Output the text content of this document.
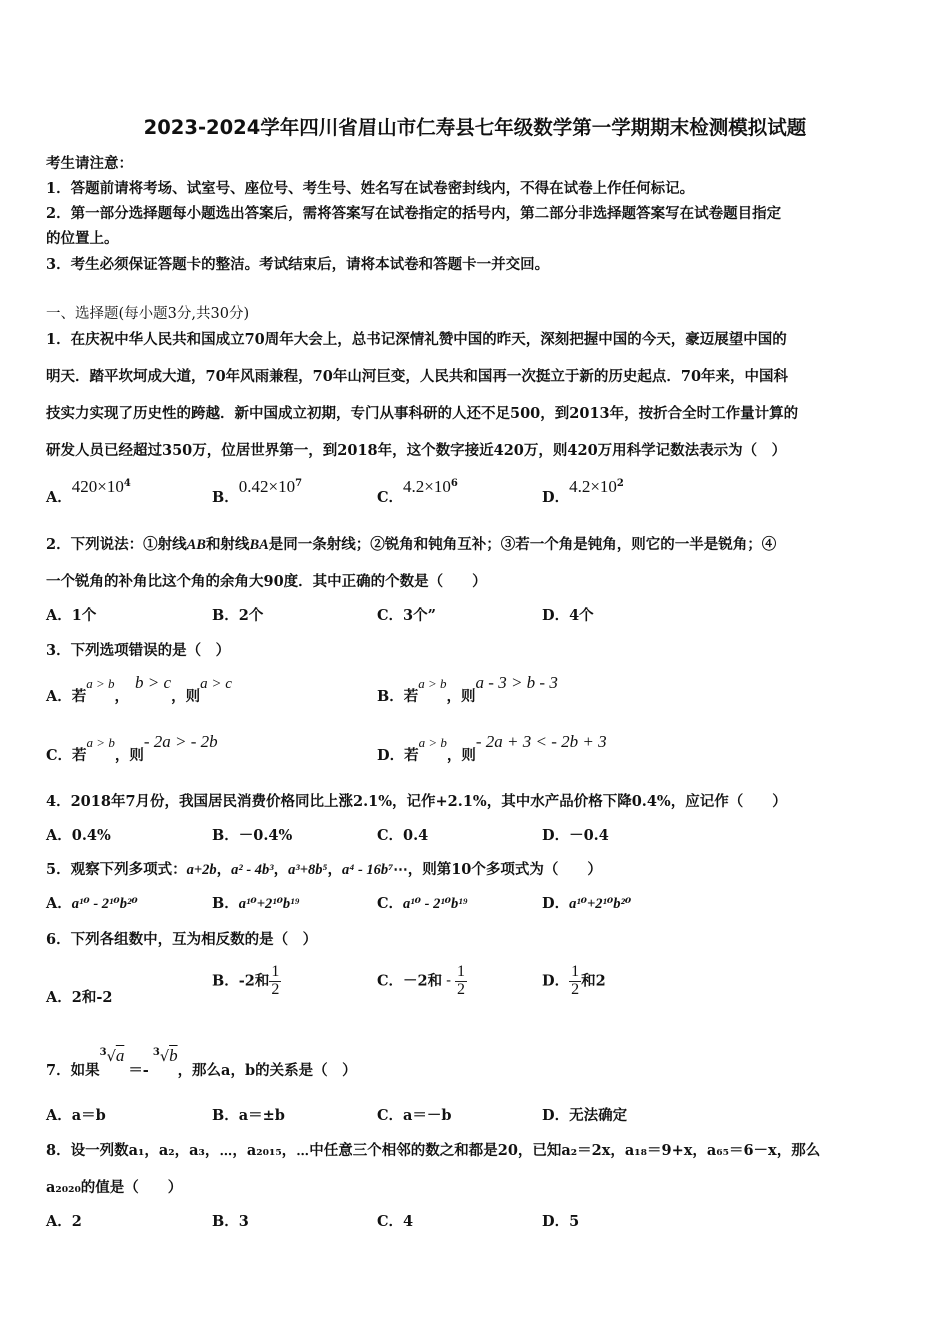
2023-2024学年四川省眉山市仁寿县七年级数学第一学期期末检测模拟试题
考生请注意：
1．答题前请将考场、试室号、座位号、考生号、姓名写在试卷密封线内，不得在试卷上作任何标记。
2．第一部分选择题每小题选出答案后，需将答案写在试卷指定的括号内，第二部分非选择题答案写在试卷题目指定
的位置上。
3．考生必须保证答题卡的整洁。考试结束后，请将本试卷和答题卡一并交回。
一、选择题(每小题3分,共30分)
1．在庆祝中华人民共和国成立70周年大会上，总书记深情礼赞中国的昨天，深刻把握中国的今天，豪迈展望中国的
明天．踏平坎坷成大道，70年风雨兼程，70年山河巨变，人民共和国再一次挺立于新的历史起点．70年来，中国科
技实力实现了历史性的跨越．新中国成立初期，专门从事科研的人还不足500，到2013年，按折合全时工作量计算的
研发人员已经超过350万，位居世界第一，到2018年，这个数字接近420万，则420万用科学记数法表示为（　）
A．$420\times 10^4$
B．$0.42\times 10^7$
C．$4.2\times 10^6$
D．$4.2\times 10^2$
2．下列说法：①射线AB和射线BA是同一条射线；②锐角和钝角互补；③若一个角是钝角，则它的一半是锐角；④
一个锐角的补角比这个角的余角大90度．其中正确的个数是（　　）
A．1个	B．2个	C．3个”	D．4个
3．下列选项错误的是（　）
A．若a > b，b > c，则a > c
B．若a > b，则a - 3 > b - 3
C．若a > b，则- 2a > - 2b
D．若a > b，则- 2a + 3 < - 2b + 3
4．2018年7月份，我国居民消费价格同比上涨2.1%，记作+2.1%，其中水产品价格下降0.4%，应记作（　　）
A．0.4%	B．－0.4%	C．0.4	D．－0.4
5．观察下列多项式：a+2b，a² - 4b³，a³+8b⁵，a⁴ - 16b⁷⋯，则第10个多项式为（　　）
A．a¹⁰ - 2¹⁰b²⁰	B．a¹⁰+2¹⁰b¹⁹	C．a¹⁰ - 2¹⁰b¹⁹	D．a¹⁰+2¹⁰b²⁰
6．下列各组数中，互为相反数的是（　）
A．2和-2
B．-2和 $\frac{1}{2}$	C．－2和 - $\frac{1}{2}$	D． $\frac{1}{2}$ 和2
7．如果$^3$√a＝-$^3$√b，那么a，b的关系是（　）
A．a＝b	B．a＝±b	C．a＝－b	D．无法确定
8．设一列数a₁，a₂，a₃，⋯，a₂₀₁₅，⋯中任意三个相邻的数之和都是20，已知a₂＝2x，a₁₈＝9+x，a₆₅＝6－x，那么
a₂₀₂₀的值是（　　）
A．2	B．3	C．4	D．5
